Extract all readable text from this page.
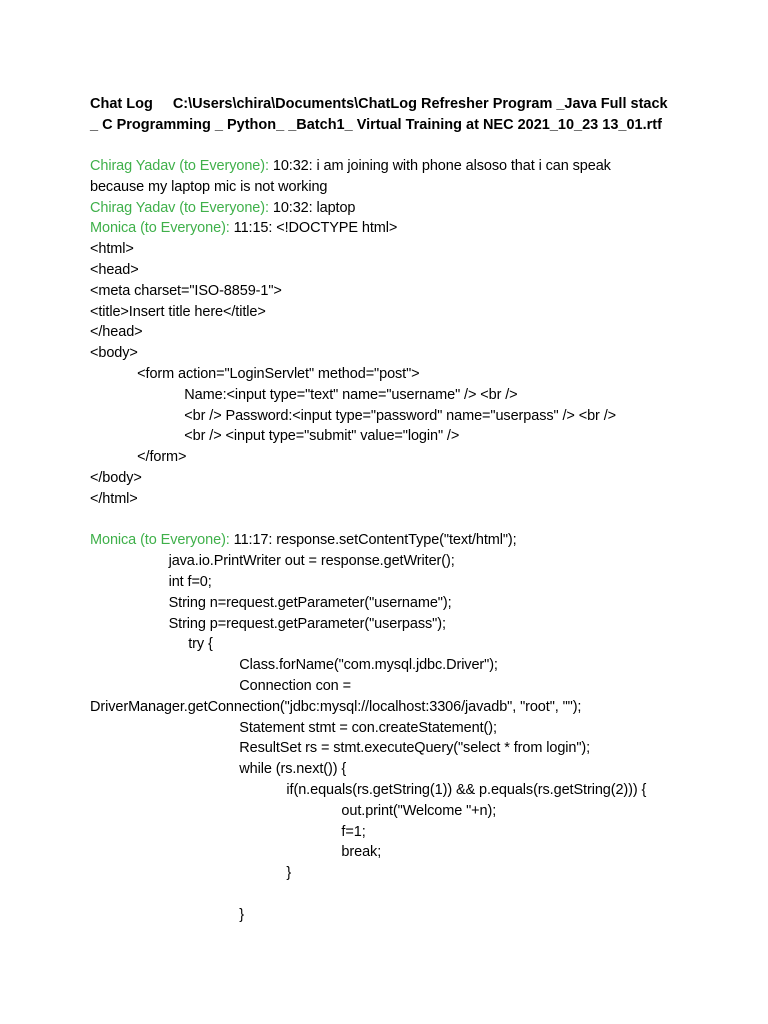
Chat Log C:\Users\chira\Documents\ChatLog Refresher Program _Java Full stack
_ C Programming _ Python_ _Batch1_ Virtual Training at NEC 2021_10_23 13_01.rtf
Chirag Yadav (to Everyone): 10:32: i am joining with phone alsoso that i can speak
because my laptop mic is not working
Chirag Yadav (to Everyone): 10:32: laptop
Monica (to Everyone): 11:15: <!DOCTYPE html>
<html>
<head>
<meta charset="ISO-8859-1">
<title>Insert title here</title>
</head>
<body>
<form action="LoginServlet" method="post">
Name:<input type="text" name="username" /> <br />
<br /> Password:<input type="password" name="userpass" /> <br />
<br /> <input type="submit" value="login" />
</form>
</body>
</html>
Monica (to Everyone): 11:17: response.setContentType("text/html");
java.io.PrintWriter out = response.getWriter();
int f=0;
String n=request.getParameter("username");
String p=request.getParameter("userpass");
try {
Class.forName("com.mysql.jdbc.Driver");
Connection con =
DriverManager.getConnection("jdbc:mysql://localhost:3306/javadb", "root", "");
Statement stmt = con.createStatement();
ResultSet rs = stmt.executeQuery("select * from login");
while (rs.next()) {
if(n.equals(rs.getString(1)) && p.equals(rs.getString(2))) {
out.print("Welcome "+n);
f=1;
break;
}
}
